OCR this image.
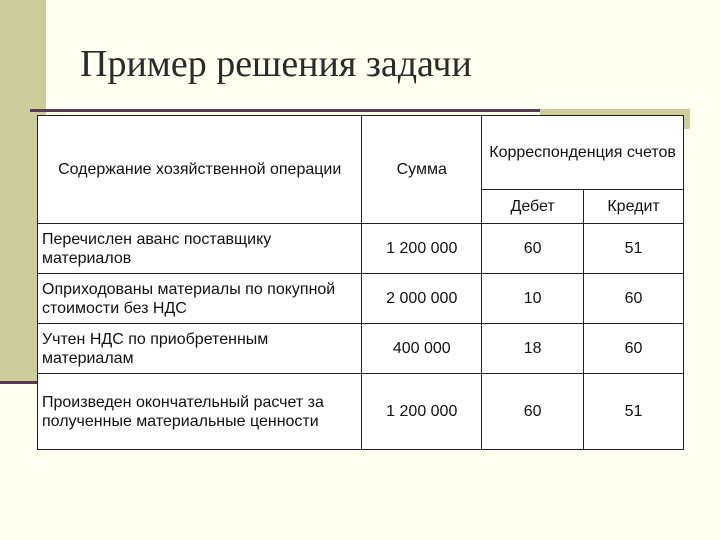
Пример решения задачи
Содержание хозяйственной операции	Сумма	Корреспонденция счетов	
		Дебет	Кредит
Перечислен аванс поставщику материалов	1 200 000	60	51
Оприходованы материалы по покупной стоимости без НДС	2 000 000	10	60
Учтен НДС по приобретенным материалам	400 000	18	60
Произведен окончательный расчет за полученные материальные ценности	1 200 000	60	51
